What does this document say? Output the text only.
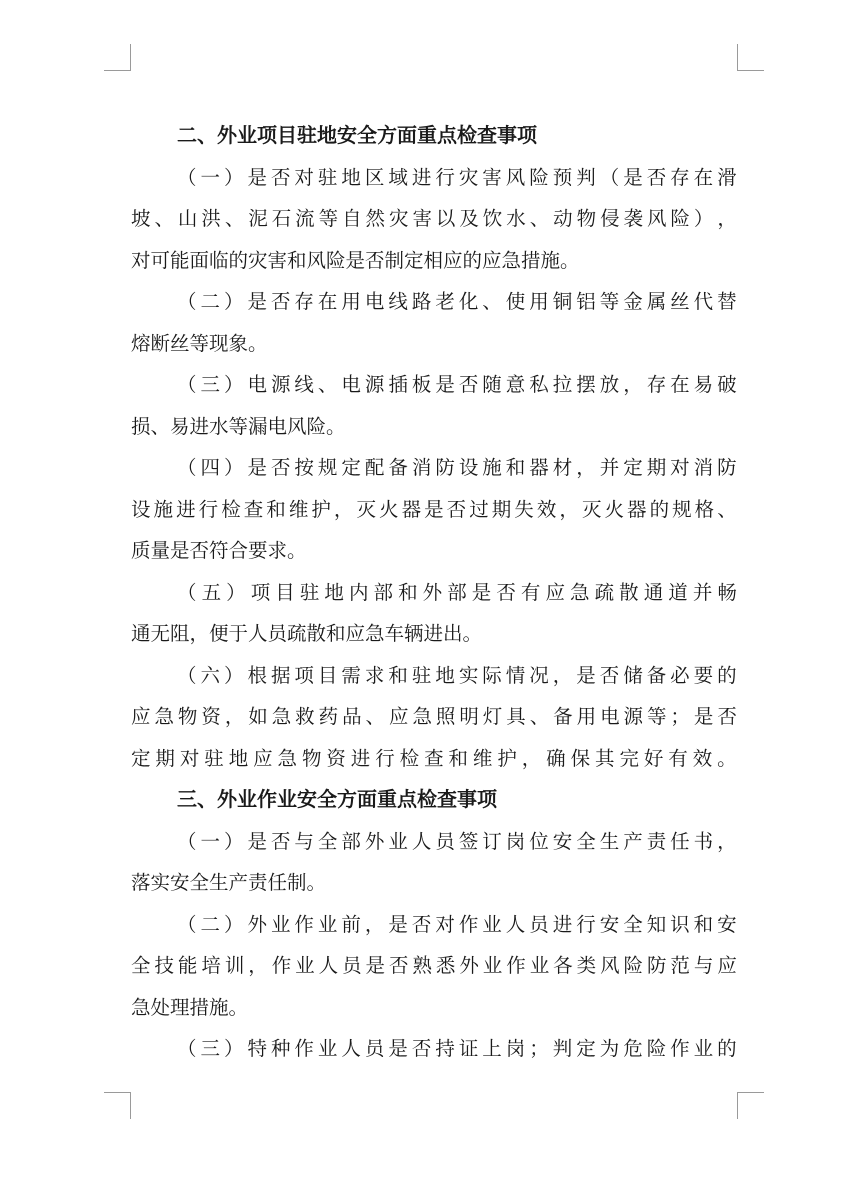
二、外业项目驻地安全方面重点检查事项
（ 一 ） 是 否 对 驻 地 区 域 进 行 灾 害 风 险 预 判 （ 是 否 存 在 滑
坡 、 山 洪 、 泥 石 流 等 自 然 灾 害 以 及 饮 水 、 动 物 侵 袭 风 险 ） ，
对可能面临的灾害和风险是否制定相应的应急措施。
（ 二 ） 是 否 存 在 用 电 线 路 老 化 、 使 用 铜 铝 等 金 属 丝 代 替
熔断丝等现象。
（ 三 ） 电 源 线 、 电 源 插 板 是 否 随 意 私 拉 摆 放 ， 存 在 易 破
损、易进水等漏电风险。
（ 四 ） 是 否 按 规 定 配 备 消 防 设 施 和 器 材 ， 并 定 期 对 消 防
设 施 进 行 检 查 和 维 护 ， 灭 火 器 是 否 过 期 失 效 ， 灭 火 器 的 规 格 、
质量是否符合要求。
（ 五 ） 项 目 驻 地 内 部 和 外 部 是 否 有 应 急 疏 散 通 道 并 畅
通无阻，便于人员疏散和应急车辆进出。
（ 六 ） 根 据 项 目 需 求 和 驻 地 实 际 情 况 ， 是 否 储 备 必 要 的
应 急 物 资 ， 如 急 救 药 品 、 应 急 照 明 灯 具 、 备 用 电 源 等 ； 是 否
定 期 对 驻 地 应 急 物 资 进 行 检 查 和 维 护 ， 确 保 其 完 好 有 效 。
三、外业作业安全方面重点检查事项
（ 一 ） 是 否 与 全 部 外 业 人 员 签 订 岗 位 安 全 生 产 责 任 书 ，
落实安全生产责任制。
（ 二 ） 外 业 作 业 前 ， 是 否 对 作 业 人 员 进 行 安 全 知 识 和 安
全 技 能 培 训 ， 作 业 人 员 是 否 熟 悉 外 业 作 业 各 类 风 险 防 范 与 应
急处理措施。
（ 三 ） 特 种 作 业 人 员 是 否 持 证 上 岗 ； 判 定 为 危 险 作 业 的
